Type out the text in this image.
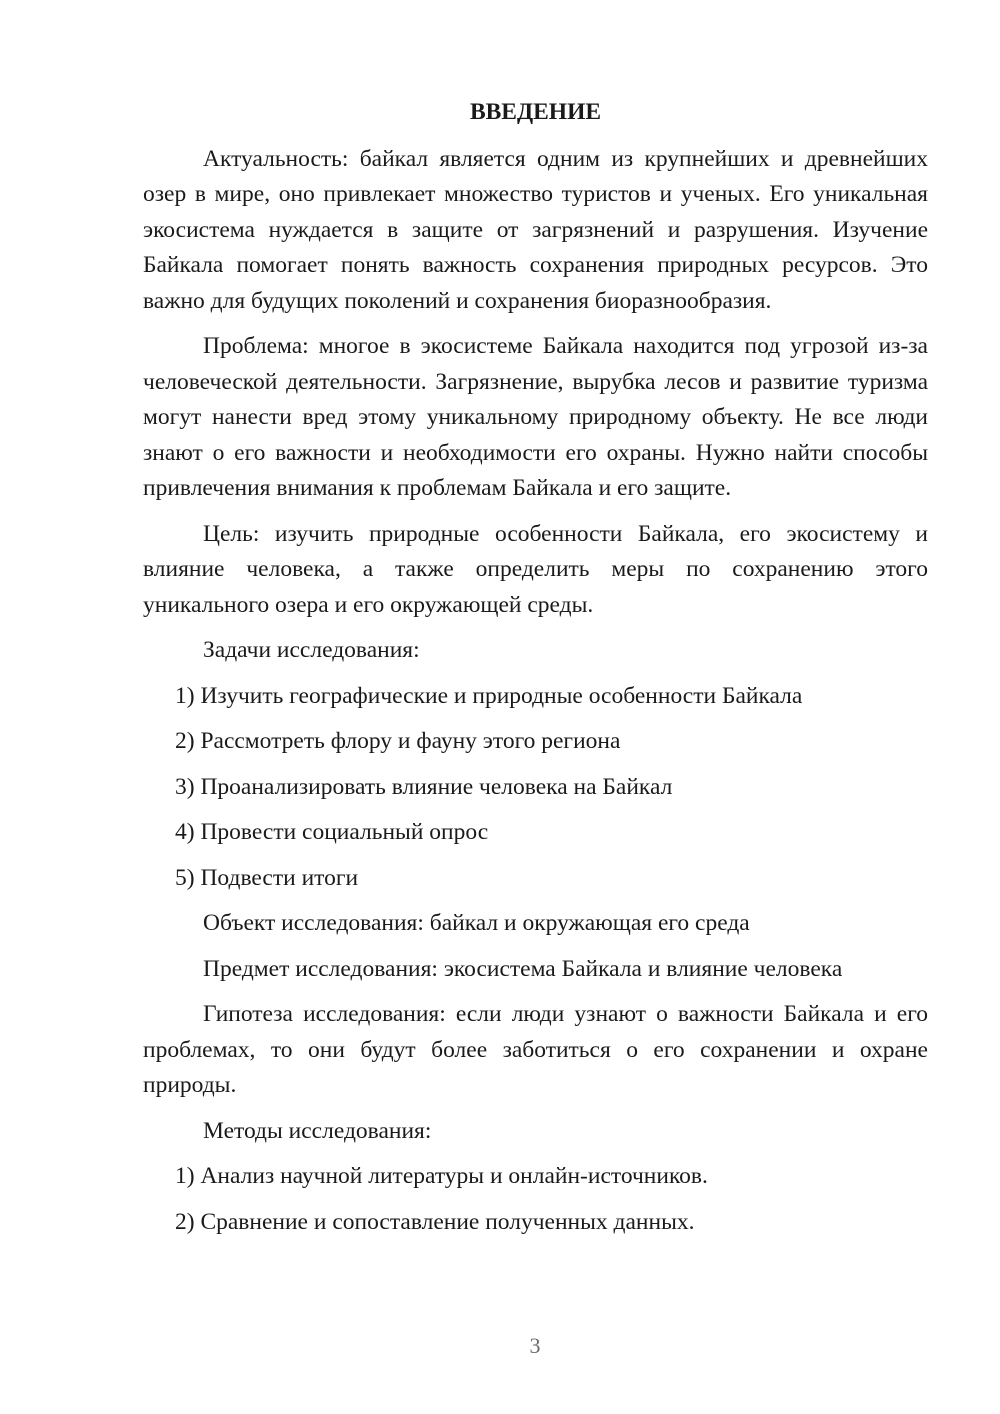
ВВЕДЕНИЕ

Актуальность: байкал является одним из крупнейших и древнейших озер в мире, оно привлекает множество туристов и ученых. Его уникальная экосистема нуждается в защите от загрязнений и разрушения. Изучение Байкала помогает понять важность сохранения природных ресурсов. Это важно для будущих поколений и сохранения биоразнообразия.

Проблема: многое в экосистеме Байкала находится под угрозой из-за человеческой деятельности. Загрязнение, вырубка лесов и развитие туризма могут нанести вред этому уникальному природному объекту. Не все люди знают о его важности и необходимости его охраны. Нужно найти способы привлечения внимания к проблемам Байкала и его защите.

Цель: изучить природные особенности Байкала, его экосистему и влияние человека, а также определить меры по сохранению этого уникального озера и его окружающей среды.

Задачи исследования:
1) Изучить географические и природные особенности Байкала
2) Рассмотреть флору и фауну этого региона
3) Проанализировать влияние человека на Байкал
4) Провести социальный опрос
5) Подвести итоги
Объект исследования: байкал и окружающая его среда
Предмет исследования: экосистема Байкала и влияние человека

Гипотеза исследования: если люди узнают о важности Байкала и его проблемах, то они будут более заботиться о его сохранении и охране природы.

Методы исследования:
1) Анализ научной литературы и онлайн-источников.
2) Сравнение и сопоставление полученных данных.
3
